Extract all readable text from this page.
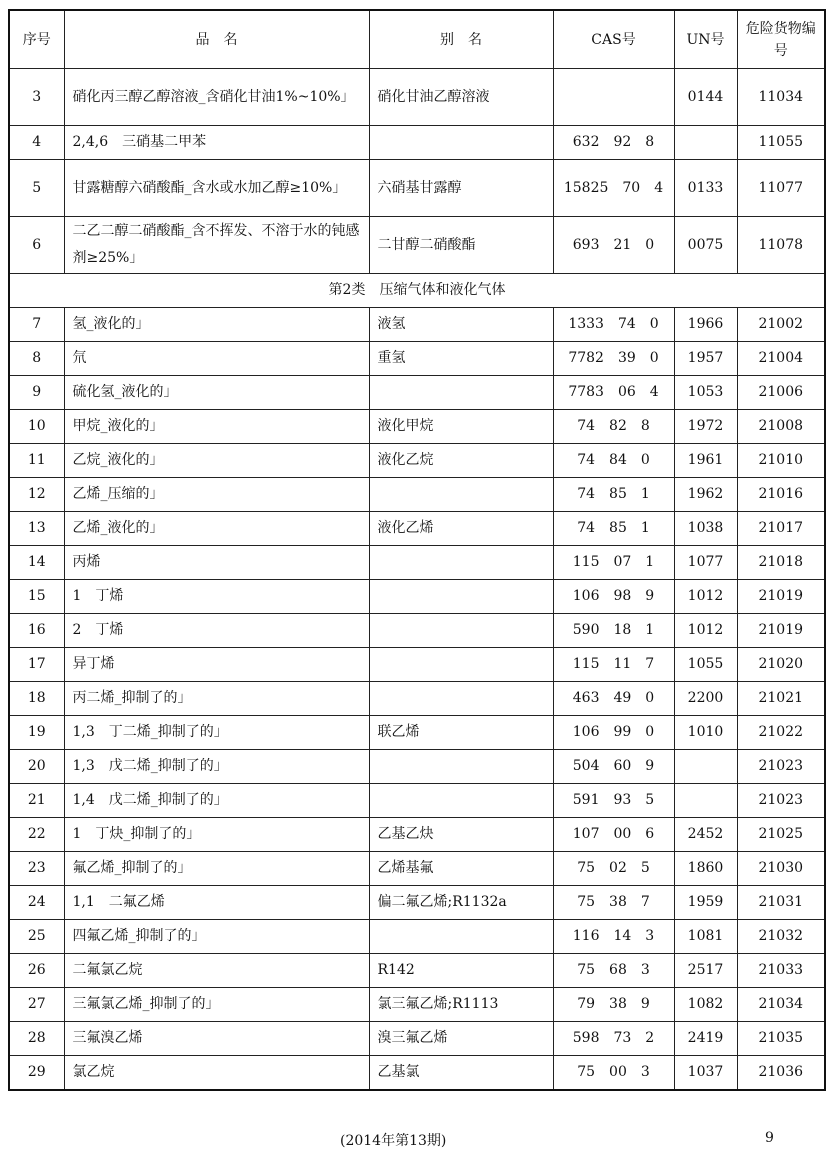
序号	品　名	别　名	CAS号	UN号	危险货物编号
3	硝化丙三醇乙醇溶液_含硝化甘油1%~10%」	硝化甘油乙醇溶液		0144	11034
4	2,4,6　三硝基二甲苯		632　92　8		11055
5	甘露糖醇六硝酸酯_含水或水加乙醇≥10%」	六硝基甘露醇	15825　70　4	0133	11077
6	二乙二醇二硝酸酯_含不挥发、不溶于水的钝感剂≥25%」	二甘醇二硝酸酯	693　21　0	0075	11078
第2类　压缩气体和液化气体					
7	氢_液化的」	液氢	1333　74　0	1966	21002
8	氘	重氢	7782　39　0	1957	21004
9	硫化氢_液化的」		7783　06　4	1053	21006
10	甲烷_液化的」	液化甲烷	74　82　8	1972	21008
11	乙烷_液化的」	液化乙烷	74　84　0	1961	21010
12	乙烯_压缩的」		74　85　1	1962	21016
13	乙烯_液化的」	液化乙烯	74　85　1	1038	21017
14	丙烯		115　07　1	1077	21018
15	1　丁烯		106　98　9	1012	21019
16	2　丁烯		590　18　1	1012	21019
17	异丁烯		115　11　7	1055	21020
18	丙二烯_抑制了的」		463　49　0	2200	21021
19	1,3　丁二烯_抑制了的」	联乙烯	106　99　0	1010	21022
20	1,3　戊二烯_抑制了的」		504　60　9		21023
21	1,4　戊二烯_抑制了的」		591　93　5		21023
22	1　丁炔_抑制了的」	乙基乙炔	107　00　6	2452	21025
23	氟乙烯_抑制了的」	乙烯基氟	75　02　5	1860	21030
24	1,1　二氟乙烯	偏二氟乙烯;R1132a	75　38　7	1959	21031
25	四氟乙烯_抑制了的」		116　14　3	1081	21032
26	二氟氯乙烷	R142	75　68　3	2517	21033
27	三氟氯乙烯_抑制了的」	氯三氟乙烯;R1113	79　38　9	1082	21034
28	三氟溴乙烯	溴三氟乙烯	598　73　2	2419	21035
29	氯乙烷	乙基氯	75　00　3	1037	21036
(2014年第13期)	9
